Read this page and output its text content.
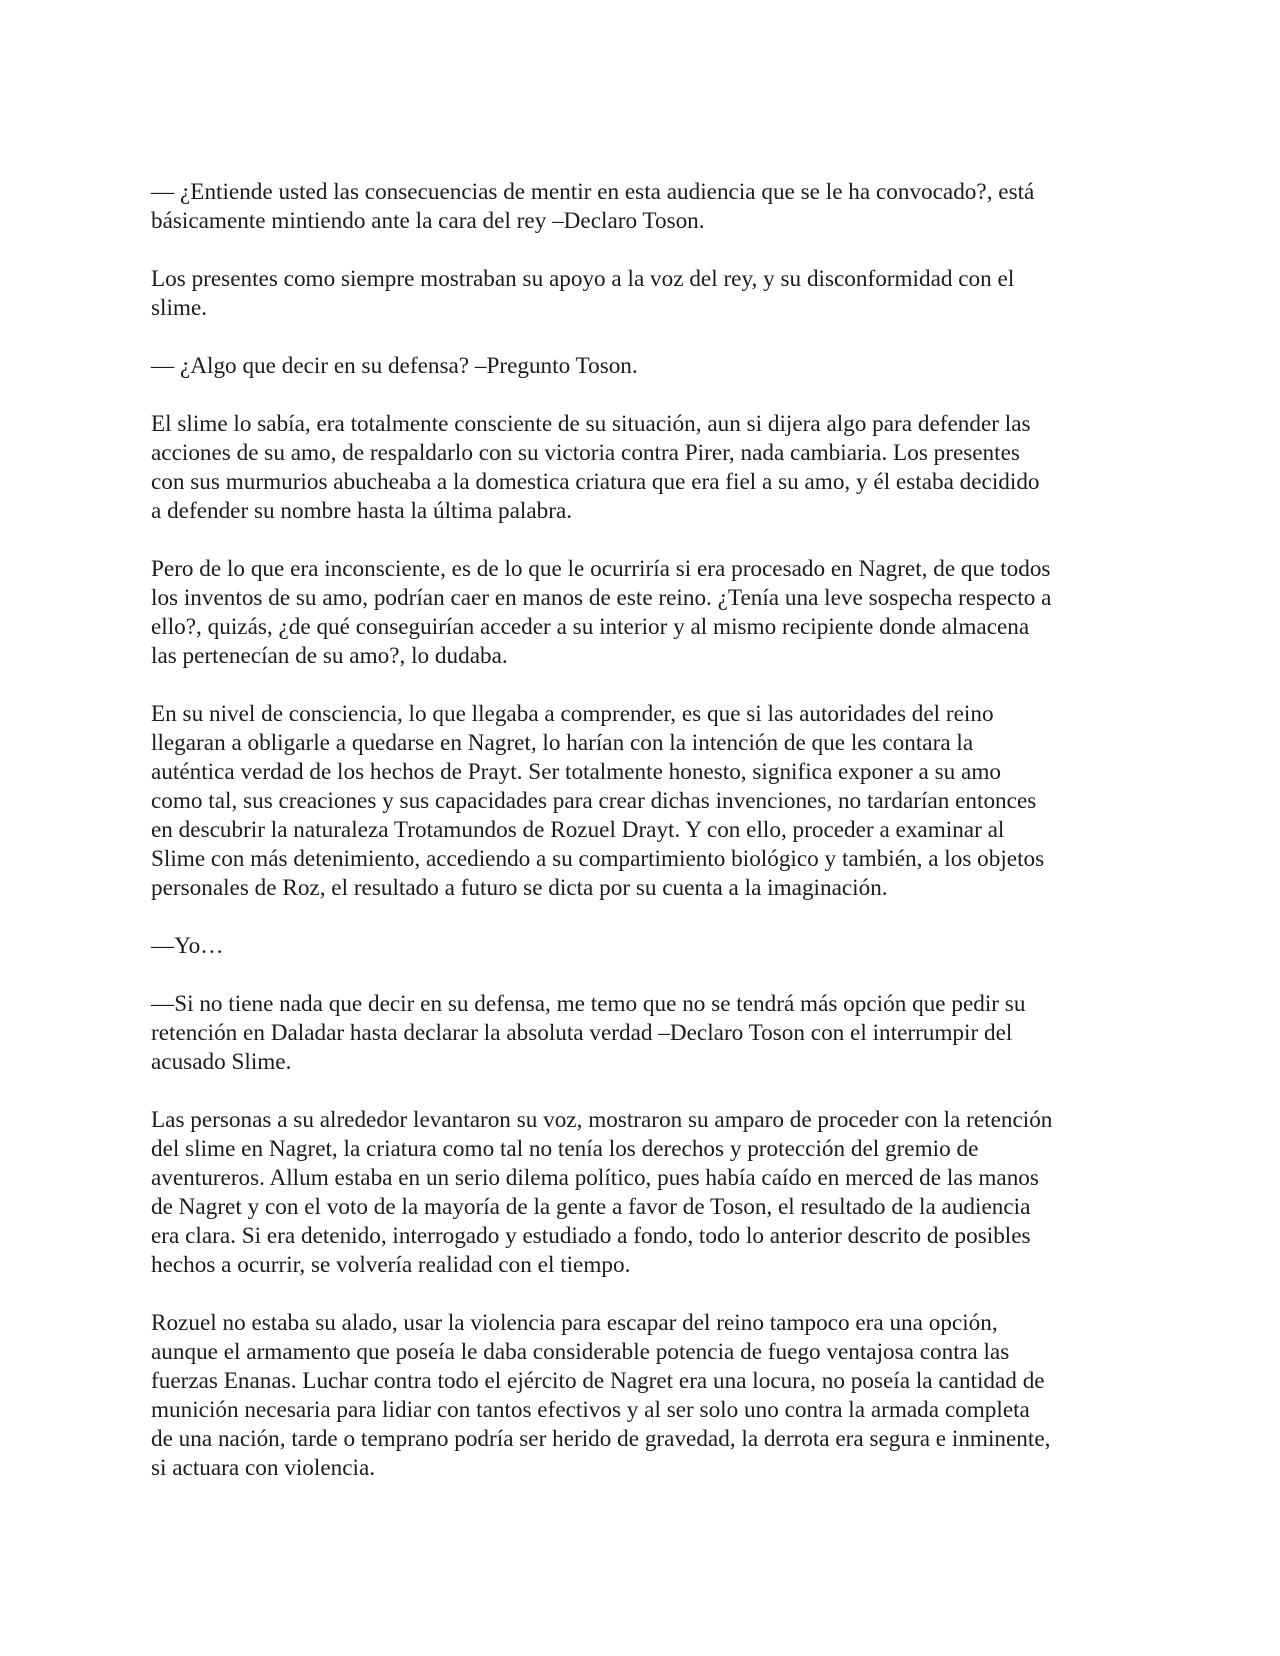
— ¿Entiende usted las consecuencias de mentir en esta audiencia que se le ha convocado?, está
básicamente mintiendo ante la cara del rey –Declaro Toson.

Los presentes como siempre mostraban su apoyo a la voz del rey, y su disconformidad con el
slime.

— ¿Algo que decir en su defensa? –Pregunto Toson.

El slime lo sabía, era totalmente consciente de su situación, aun si dijera algo para defender las
acciones de su amo, de respaldarlo con su victoria contra Pirer, nada cambiaria. Los presentes
con sus murmurios abucheaba a la domestica criatura que era fiel a su amo, y él estaba decidido
a defender su nombre hasta la última palabra.

Pero de lo que era inconsciente, es de lo que le ocurriría si era procesado en Nagret, de que todos
los inventos de su amo, podrían caer en manos de este reino. ¿Tenía una leve sospecha respecto a
ello?, quizás, ¿de qué conseguirían acceder a su interior y al mismo recipiente donde almacena
las pertenecían de su amo?, lo dudaba.

En su nivel de consciencia, lo que llegaba a comprender, es que si las autoridades del reino
llegaran a obligarle a quedarse en Nagret, lo harían con la intención de que les contara la
auténtica verdad de los hechos de Prayt. Ser totalmente honesto, significa exponer a su amo
como tal, sus creaciones y sus capacidades para crear dichas invenciones, no tardarían entonces
en descubrir la naturaleza Trotamundos de Rozuel Drayt. Y con ello, proceder a examinar al
Slime con más detenimiento, accediendo a su compartimiento biológico y también, a los objetos
personales de Roz, el resultado a futuro se dicta por su cuenta a la imaginación.

—Yo…

—Si no tiene nada que decir en su defensa, me temo que no se tendrá más opción que pedir su
retención en Daladar hasta declarar la absoluta verdad –Declaro Toson con el interrumpir del
acusado Slime.

Las personas a su alrededor levantaron su voz, mostraron su amparo de proceder con la retención
del slime en Nagret, la criatura como tal no tenía los derechos y protección del gremio de
aventureros. Allum estaba en un serio dilema político, pues había caído en merced de las manos
de Nagret y con el voto de la mayoría de la gente a favor de Toson, el resultado de la audiencia
era clara. Si era detenido, interrogado y estudiado a fondo, todo lo anterior descrito de posibles
hechos a ocurrir, se volvería realidad con el tiempo.

Rozuel no estaba su alado, usar la violencia para escapar del reino tampoco era una opción,
aunque el armamento que poseía le daba considerable potencia de fuego ventajosa contra las
fuerzas Enanas. Luchar contra todo el ejército de Nagret era una locura, no poseía la cantidad de
munición necesaria para lidiar con tantos efectivos y al ser solo uno contra la armada completa
de una nación, tarde o temprano podría ser herido de gravedad, la derrota era segura e inminente,
si actuara con violencia.
